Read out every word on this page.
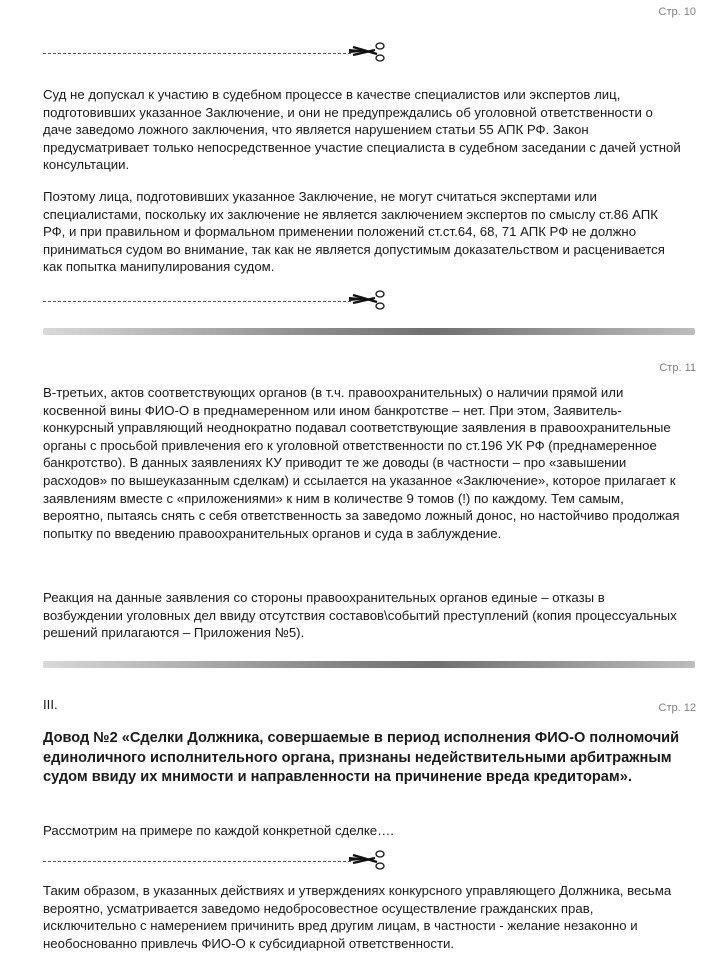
Стр. 10

Суд не допускал к участию в судебном процессе в качестве специалистов или экспертов лиц, подготовивших указанное Заключение, и они не предупреждались об уголовной ответственности о даче заведомо ложного заключения, что является нарушением статьи 55 АПК РФ. Закон предусматривает только непосредственное участие специалиста в судебном заседании с дачей устной консультации.

Поэтому лица, подготовивших указанное Заключение, не могут считаться экспертами или специалистами, поскольку их заключение не является заключением экспертов по смыслу ст.86 АПК РФ, и при правильном и формальном применении положений ст.ст.64, 68, 71 АПК РФ не должно приниматься судом во внимание, так как не является допустимым доказательством и расценивается как попытка манипулирования судом.

Стр. 11

В-третьих, актов соответствующих органов (в т.ч. правоохранительных) о наличии прямой или косвенной вины ФИО-О в преднамеренном или ином банкротстве – нет. При этом, Заявитель-конкурсный управляющий неоднократно подавал соответствующие заявления в правоохранительные органы с просьбой привлечения его к уголовной ответственности по ст.196 УК РФ (преднамеренное банкротство). В данных заявлениях КУ приводит те же доводы (в частности – про «завышении расходов» по вышеуказанным сделкам) и ссылается на указанное «Заключение», которое прилагает к заявлениям вместе с «приложениями» к ним в количестве 9 томов (!) по каждому. Тем самым, вероятно, пытаясь снять с себя ответственность за заведомо ложный донос, но настойчиво продолжая попытку по введению правоохранительных органов и суда в заблуждение.

Реакция на данные заявления со стороны правоохранительных органов единые – отказы в возбуждении уголовных дел ввиду отсутствия составов\событий преступлений (копия процессуальных решений прилагаются – Приложения №5).

III.	Стр. 12

Довод №2 «Сделки Должника, совершаемые в период исполнения ФИО-О полномочий единоличного исполнительного органа, признаны недействительными арбитражным судом ввиду их мнимости и направленности на причинение вреда кредиторам».

Рассмотрим на примере по каждой конкретной сделке….

Таким образом, в указанных действиях и утверждениях конкурсного управляющего Должника, весьма вероятно, усматривается заведомо недобросовестное осуществление гражданских прав, исключительно с намерением причинить вред другим лицам, в частности - желание незаконно и необоснованно привлечь ФИО-О к субсидиарной ответственности.
